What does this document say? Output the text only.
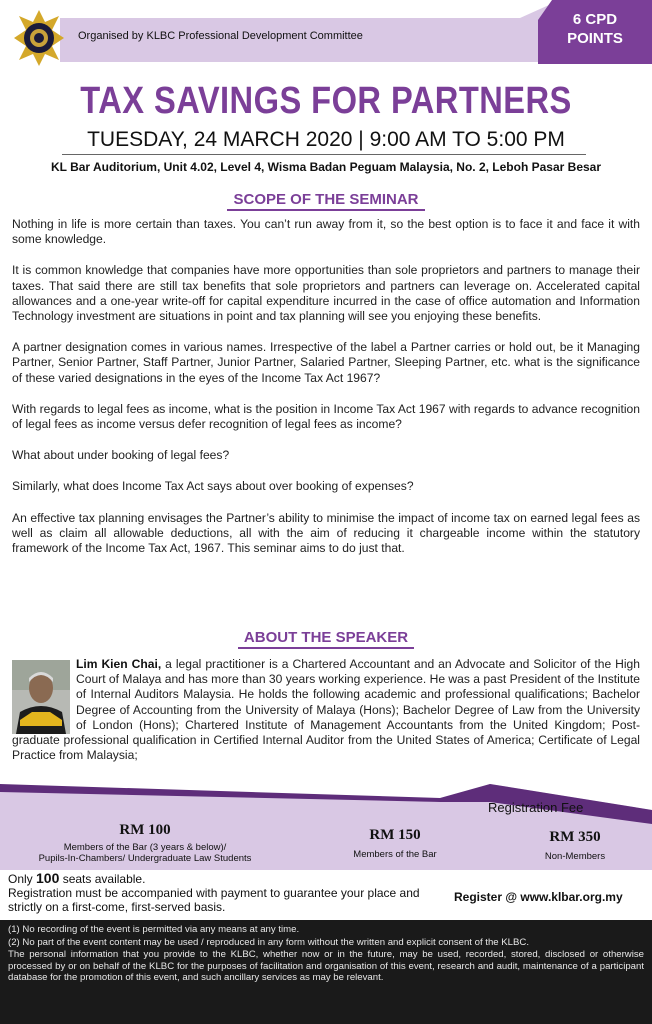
Organised by KLBC Professional Development Committee
6 CPD
POINTS
TAX SAVINGS FOR PARTNERS
TUESDAY, 24 MARCH 2020 | 9:00 AM TO 5:00 PM
KL Bar Auditorium, Unit 4.02, Level 4, Wisma Badan Peguam Malaysia, No. 2, Leboh Pasar Besar
SCOPE OF THE SEMINAR

Nothing in life is more certain than taxes. You can’t run away from it, so the best option is to face it and face it with some knowledge.

It is common knowledge that companies have more opportunities than sole proprietors and partners to manage their taxes. That said there are still tax benefits that sole proprietors and partners can leverage on. Accelerated capital allowances and a one-year write-off for capital expenditure incurred in the case of office automation and Information Technology investment are situations in point and tax planning will see you enjoying these benefits.

A partner designation comes in various names. Irrespective of the label a Partner carries or hold out, be it Managing Partner, Senior Partner, Staff Partner, Junior Partner, Salaried Partner, Sleeping Partner, etc. what is the significance of these varied designations in the eyes of the Income Tax Act 1967?

With regards to legal fees as income, what is the position in Income Tax Act 1967 with regards to advance recognition of legal fees as income versus defer recognition of legal fees as income?

What about under booking of legal fees?

Similarly, what does Income Tax Act says about over booking of expenses?

An effective tax planning envisages the Partner’s ability to minimise the impact of income tax on earned legal fees as well as claim all allowable deductions, all with the aim of reducing it chargeable income within the statutory framework of the Income Tax Act, 1967. This seminar aims to do just that.

ABOUT THE SPEAKER
Lim Kien Chai, a legal practitioner is a Chartered Accountant and an Advocate and Solicitor of the High Court of Malaya and has more than 30 years working experience. He was a past President of the Institute of Internal Auditors Malaysia. He holds the following academic and professional qualifications; Bachelor Degree of Accounting from the University of Malaya (Hons); Bachelor Degree of Law from the University of London (Hons); Chartered Institute of Management Accountants from the United Kingdom; Post-graduate professional qualification in Certified Internal Auditor from the United States of America; Certificate of Legal Practice from Malaysia;
Registration Fee
RM 100
Members of the Bar (3 years & below)/
Pupils-In-Chambers/ Undergraduate Law Students
RM 150
Members of the Bar
RM 350
Non-Members
Only 100 seats available.
Registration must be accompanied with payment to guarantee your place and strictly on a first-come, first-served basis.
Register @ www.klbar.org.my
(1) No recording of the event is permitted via any means at any time.
(2) No part of the event content may be used / reproduced in any form without the written and explicit consent of the KLBC.
The personal information that you provide to the KLBC, whether now or in the future, may be used, recorded, stored, disclosed or otherwise processed by or on behalf of the KLBC for the purposes of facilitation and organisation of this event, research and audit, maintenance of a participant database for the promotion of this event, and such ancillary services as may be relevant.
